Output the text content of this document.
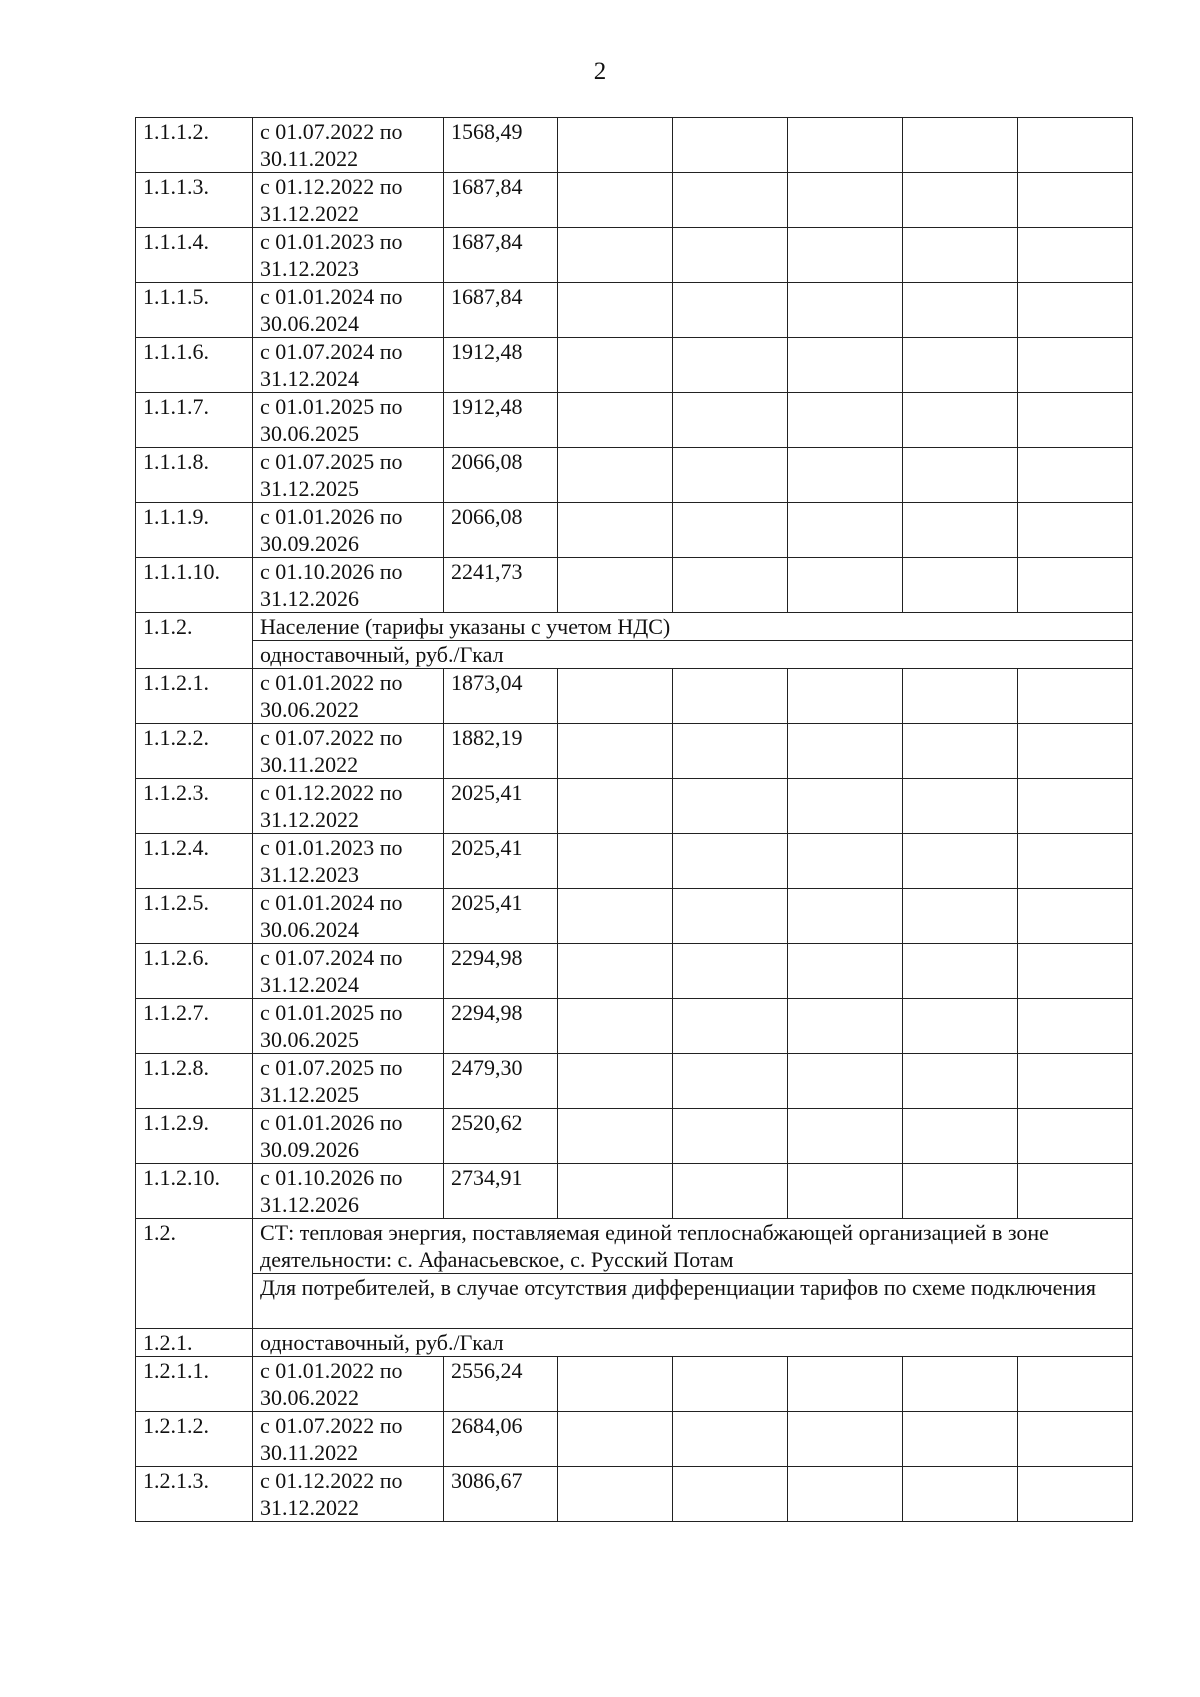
2
1.1.1.2.	с 01.07.2022 по 30.11.2022	1568,49					
1.1.1.3.	с 01.12.2022 по 31.12.2022	1687,84					
1.1.1.4.	с 01.01.2023 по 31.12.2023	1687,84					
1.1.1.5.	с 01.01.2024 по 30.06.2024	1687,84					
1.1.1.6.	с 01.07.2024 по 31.12.2024	1912,48					
1.1.1.7.	с 01.01.2025 по 30.06.2025	1912,48					
1.1.1.8.	с 01.07.2025 по 31.12.2025	2066,08					
1.1.1.9.	с 01.01.2026 по 30.09.2026	2066,08					
1.1.1.10.	с 01.10.2026 по 31.12.2026	2241,73					
1.1.2.	Население (тарифы указаны с учетом НДС)						
	одноставочный, руб./Гкал						
1.1.2.1.	с 01.01.2022 по 30.06.2022	1873,04					
1.1.2.2.	с 01.07.2022 по 30.11.2022	1882,19					
1.1.2.3.	с 01.12.2022 по 31.12.2022	2025,41					
1.1.2.4.	с 01.01.2023 по 31.12.2023	2025,41					
1.1.2.5.	с 01.01.2024 по 30.06.2024	2025,41					
1.1.2.6.	с 01.07.2024 по 31.12.2024	2294,98					
1.1.2.7.	с 01.01.2025 по 30.06.2025	2294,98					
1.1.2.8.	с 01.07.2025 по 31.12.2025	2479,30					
1.1.2.9.	с 01.01.2026 по 30.09.2026	2520,62					
1.1.2.10.	с 01.10.2026 по 31.12.2026	2734,91					
1.2.	СТ: тепловая энергия, поставляемая единой теплоснабжающей организацией в зоне деятельности: с. Афанасьевское, с. Русский Потам						
	Для потребителей, в случае отсутствия дифференциации тарифов по схеме подключения						
1.2.1.	одноставочный, руб./Гкал						
1.2.1.1.	с 01.01.2022 по 30.06.2022	2556,24					
1.2.1.2.	с 01.07.2022 по 30.11.2022	2684,06					
1.2.1.3.	с 01.12.2022 по 31.12.2022	3086,67					
